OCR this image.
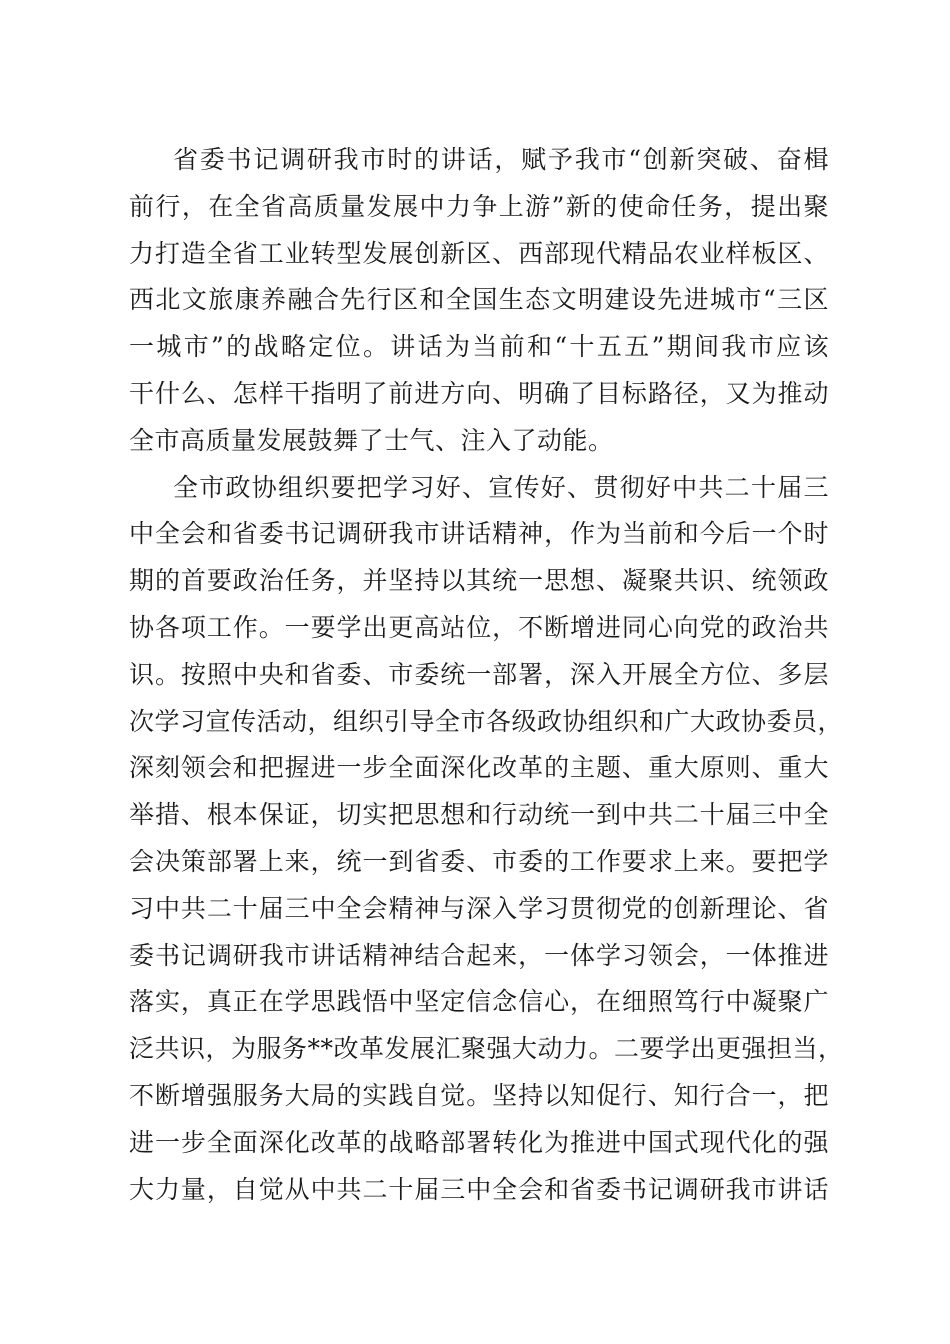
省委书记调研我市时的讲话，赋予我市“创新突破、奋楫
前行，在全省高质量发展中力争上游”新的使命任务，提出聚
力打造全省工业转型发展创新区、西部现代精品农业样板区、
西北文旅康养融合先行区和全国生态文明建设先进城市“三区
一城市”的战略定位。讲话为当前和“十五五”期间我市应该
干什么、怎样干指明了前进方向、明确了目标路径，又为推动
全市高质量发展鼓舞了士气、注入了动能。
全市政协组织要把学习好、宣传好、贯彻好中共二十届三
中全会和省委书记调研我市讲话精神，作为当前和今后一个时
期的首要政治任务，并坚持以其统一思想、凝聚共识、统领政
协各项工作。一要学出更高站位，不断增进同心向党的政治共
识。按照中央和省委、市委统一部署，深入开展全方位、多层
次学习宣传活动，组织引导全市各级政协组织和广大政协委员，
深刻领会和把握进一步全面深化改革的主题、重大原则、重大
举措、根本保证，切实把思想和行动统一到中共二十届三中全
会决策部署上来，统一到省委、市委的工作要求上来。要把学
习中共二十届三中全会精神与深入学习贯彻党的创新理论、省
委书记调研我市讲话精神结合起来，一体学习领会，一体推进
落实，真正在学思践悟中坚定信念信心，在细照笃行中凝聚广
泛共识，为服务**改革发展汇聚强大动力。二要学出更强担当，
不断增强服务大局的实践自觉。坚持以知促行、知行合一，把
进一步全面深化改革的战略部署转化为推进中国式现代化的强
大力量，自觉从中共二十届三中全会和省委书记调研我市讲话
